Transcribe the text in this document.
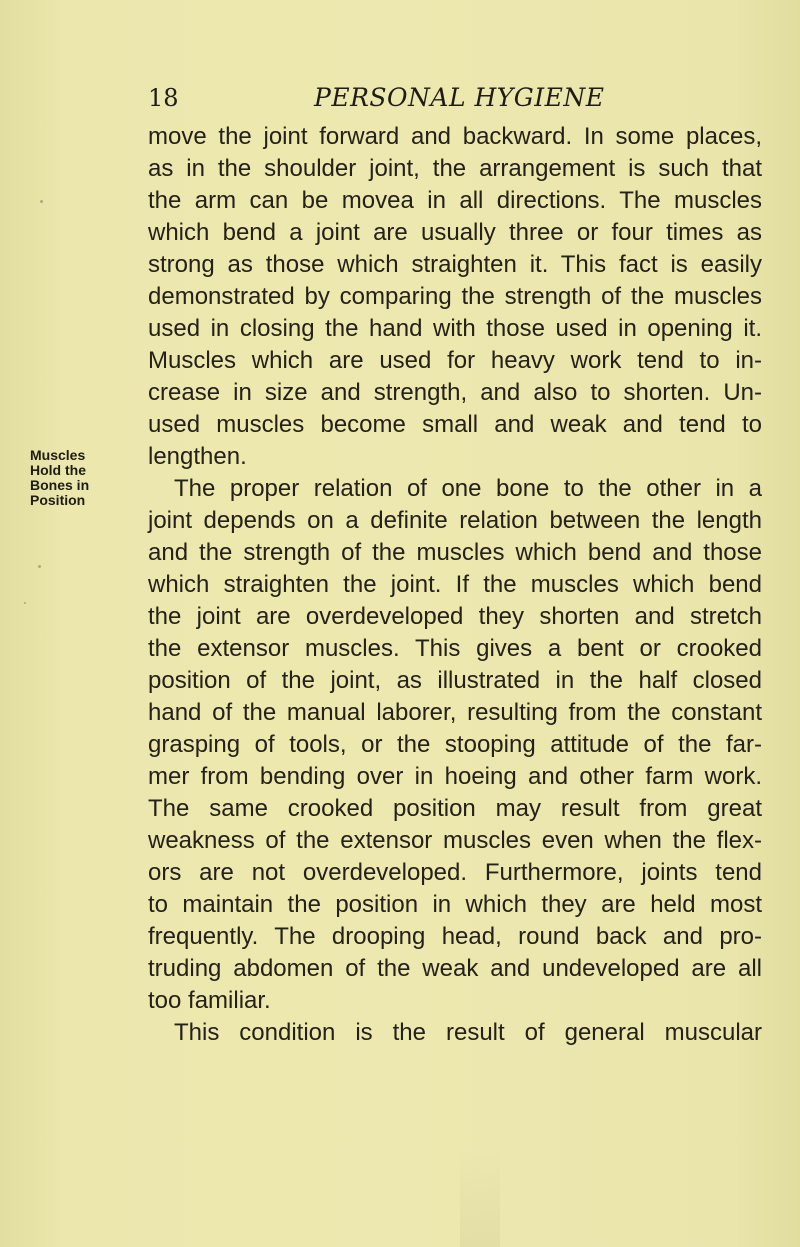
18	PERSONAL HYGIENE
Muscles
Hold the
Bones in
Position
move the joint forward and backward. In some places,
as in the shoulder joint, the arrangement is such that
the arm can be movea in all directions. The muscles
which bend a joint are usually three or four times as
strong as those which straighten it. This fact is easily
demonstrated by comparing the strength of the muscles
used in closing the hand with those used in opening it.
Muscles which are used for heavy work tend to in-
crease in size and strength, and also to shorten. Un-
used muscles become small and weak and tend to
lengthen.
The proper relation of one bone to the other in a
joint depends on a definite relation between the length
and the strength of the muscles which bend and those
which straighten the joint. If the muscles which bend
the joint are overdeveloped they shorten and stretch
the extensor muscles. This gives a bent or crooked
position of the joint, as illustrated in the half closed
hand of the manual laborer, resulting from the constant
grasping of tools, or the stooping attitude of the far-
mer from bending over in hoeing and other farm work.
The same crooked position may result from great
weakness of the extensor muscles even when the flex-
ors are not overdeveloped. Furthermore, joints tend
to maintain the position in which they are held most
frequently. The drooping head, round back and pro-
truding abdomen of the weak and undeveloped are all
too familiar.
This condition is the result of general muscular
